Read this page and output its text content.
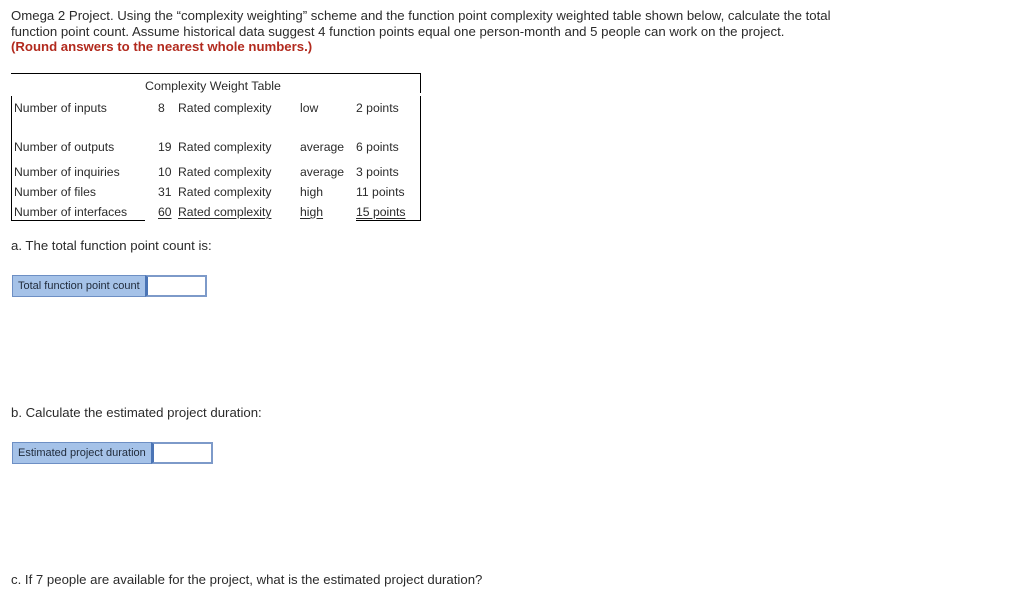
Omega 2 Project. Using the “complexity weighting” scheme and the function point complexity weighted table shown below, calculate the total function point count. Assume historical data suggest 4 function points equal one person-month and 5 people can work on the project. (Round answers to the nearest whole numbers.)
Complexity Weight Table
Number of inputs	8 Rated complexity low	2 points
Number of outputs	19 Rated complexity average 6 points
Number of inquiries	10 Rated complexity average 3 points
Number of files	31 Rated complexity high	11 points
Number of interfaces	60 Rated complexity high	15 points
a. The total function point count is:
Total function point count
b. Calculate the estimated project duration:
Estimated project duration
c. If 7 people are available for the project, what is the estimated project duration?
